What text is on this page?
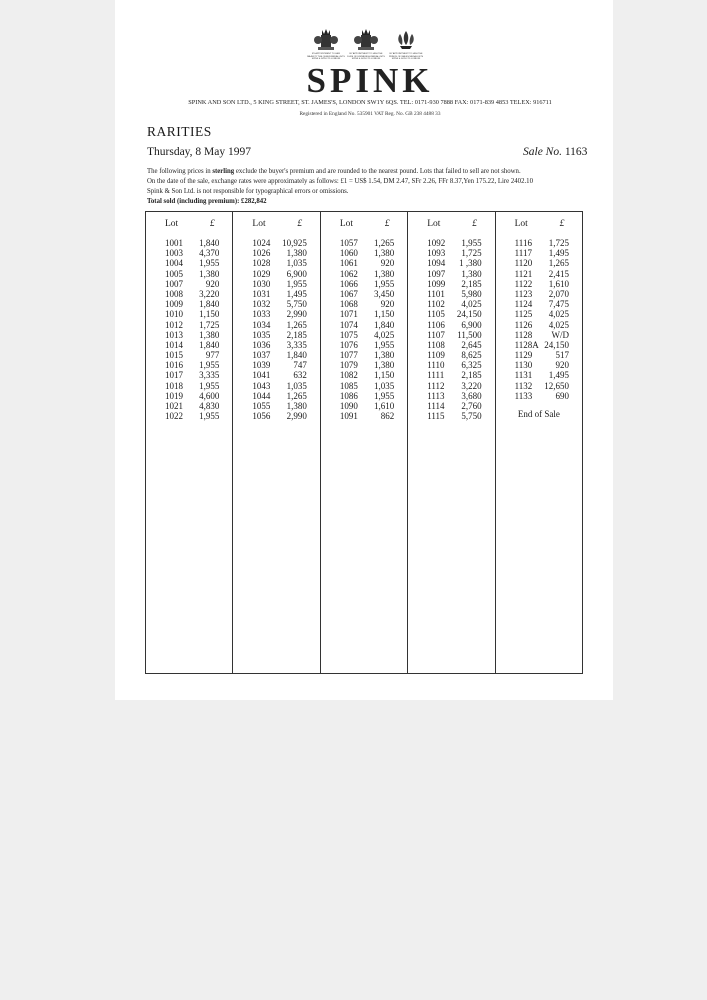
BY APPOINTMENT TO HER MAJESTY THE QUEEN MEDALLISTS SPINK & SON LTD LONDON
BY APPOINTMENT TO HRH THE DUKE OF EDINBURGH MEDALLISTS SPINK & SON LTD LONDON
BY APPOINTMENT TO HRH THE PRINCE OF WALES MEDALLISTS SPINK & SON LTD LONDON
SPINK
SPINK AND SON LTD., 5 KING STREET, ST. JAMES'S, LONDON SW1Y 6QS. TEL: 0171-930 7888 FAX: 0171-839 4853 TELEX: 916711
Registered in England No. 535901 VAT Reg. No. GB 238 4488 33
RARITIES
Thursday, 8 May 1997	Sale No. 1163
The following prices in sterling exclude the buyer's premium and are rounded to the nearest pound. Lots that failed to sell are not shown.
On the date of the sale, exchange rates were approximately as follows: £1 = US$ 1.54, DM 2.47, SFr 2.26, FFr 8.37,Yen 175.22, Lire 2402.10
Spink & Son Ltd. is not responsible for typographical errors or omissions.
Total sold (including premium): £282,842
Lot	£
1001 1,840
1003 4,370
1004 1,955
1005 1,380
1007	920
1008 3,220
1009 1,840
1010 1,150
1012 1,725
1013 1,380
1014 1,840
1015	977
1016 1,955
1017 3,335
1018 1,955
1019 4,600
1021 4,830
1022 1,955
Lot	£
1024 10,925
1026 1,380
1028 1,035
1029 6,900
1030 1,955
1031 1,495
1032 5,750
1033 2,990
1034 1,265
1035 2,185
1036 3,335
1037 1,840
1039	747
1041	632
1043 1,035
1044 1,265
1055 1,380
1056 2,990
Lot	£
1057 1,265
1060 1,380
1061	920
1062 1,380
1066 1,955
1067 3,450
1068	920
1071 1,150
1074 1,840
1075 4,025
1076 1,955
1077 1,380
1079 1,380
1082 1,150
1085 1,035
1086 1,955
1090 1,610
1091	862
Lot	£
1092 1,955
1093 1,725
1094 1 ,380
1097 1,380
1099 2,185
1101 5,980
1102 4,025
1105 24,150
1106 6,900
1107 11,500
1108 2,645
1109 8,625
1110 6,325
1111 2,185
1112 3,220
1113 3,680
1114 2,760
1115 5,750
Lot	£
1116 1,725
1117 1,495
1120 1,265
1121 2,415
1122 1,610
1123 2,070
1124 7,475
1125 4,025
1126 4,025
1128 W/D
1128A 24,150
1129	517
1130	920
1131 1,495
1132 12,650
1133	690
End of Sale
